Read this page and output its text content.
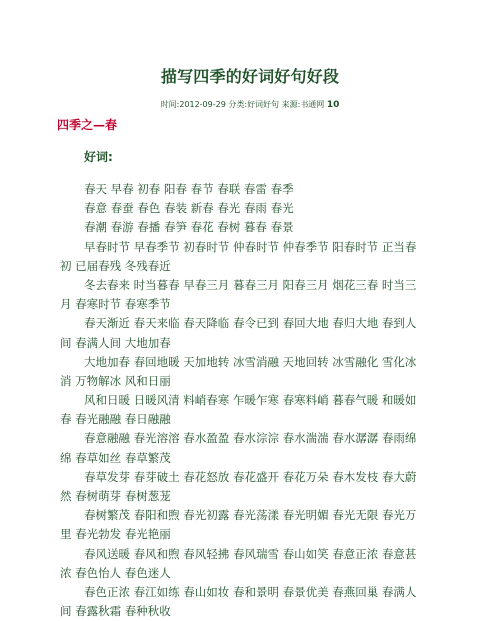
描写四季的好词好句好段
时间:2012-09-29 分类:好词好句 来源:书通网 10
四季之—春
好词:
春天 早春 初春 阳春 春节 春联 春雷 春季
春意 春蚕 春色 春装 新春 春光 春雨 春光
春潮 春游 春播 春笋 春花 春树 暮春 春景
早春时节 早春季节 初春时节 仲春时节 仲春季节 阳春时节 正当春
初 已届春残 冬残春近
冬去春来 时当暮春 早春三月 暮春三月 阳春三月 烟花三春 时当三
月 春寒时节 春寒季节
春天渐近 春天来临 春天降临 春令已到 春回大地 春归大地 春到人
间 春满人间 大地加春
大地加春 春回地暖 天加地转 冰雪消融 天地回转 冰雪融化 雪化冰
消 万物解冰 风和日丽
风和日暖 日暖风清 料峭春寒 乍暖乍寒 春寒料峭 暮春气暖 和暖如
春 春光融融 春日融融
春意融融 春光溶溶 春水盈盈 春水淙淙 春水湍湍 春水潺潺 春雨绵
绵 春草如丝 春草繁茂
春草发芽 春芽破土 春花怒放 春花盛开 春花万朵 春木发枝 春大蔚
然 春树萌芽 春树葱茏
春树繁茂 春阳和煦 春光初露 春光荡漾 春光明媚 春光无限 春光万
里 春光勃发 春光艳丽
春风送暖 春风和煦 春风轻拂 春风瑞雪 春山如笑 春意正浓 春意甚
浓 春色怡人 春色迷人
春色正浓 春江如练 春山如妆 春和景明 春景优美 春燕回巢 春满人
间 春露秋霜 春种秋收
